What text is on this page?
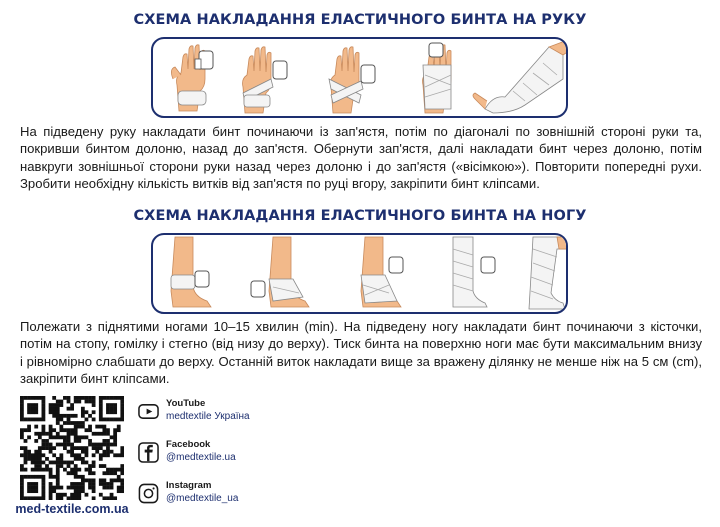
СХЕМА НАКЛАДАННЯ ЕЛАСТИЧНОГО БИНТА НА РУКУ
На підведену руку накладати бинт починаючи із зап'ястя, потім по діагоналі по зовнішній стороні руки та, покривши бинтом долоню, назад до зап'ястя. Обернути зап'ястя, далі накладати бинт через долоню, потім навкруги зовнішньої сторони руки назад через долоню і до зап'ястя («вісімкою»). Повторити попередні рухи. Зробити необхідну кількість витків від зап'ястя по руці вгору, закріпити бинт кліпсами.
СХЕМА НАКЛАДАННЯ ЕЛАСТИЧНОГО БИНТА НА НОГУ
Полежати з піднятими ногами 10–15 хвилин (min). На підведену ногу накладати бинт починаючи з кісточки, потім на стопу, гомілку і стегно (від низу до верху). Тиск бинта на поверхню ноги має бути максимальним внизу і рівномірно слабшати до верху. Останній виток накладати вище за враженy ділянку не менше ніж на 5 см (cm), закріпити бинт кліпсами.
med-textile.com.ua
YouTube
medtextile Україна
Facebook
@medtextile.ua
Instagram
@medtextile_ua
